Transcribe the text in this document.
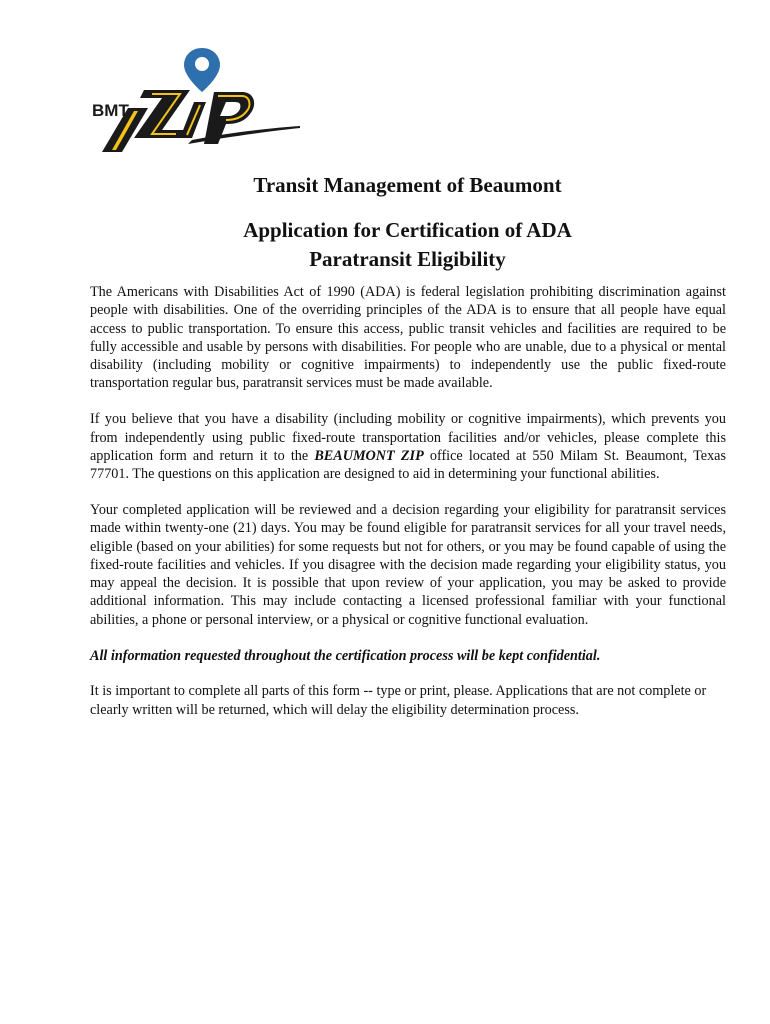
BMT
Transit Management of Beaumont
Application for Certification of ADA
Paratransit Eligibility

The Americans with Disabilities Act of 1990 (ADA) is federal legislation prohibiting discrimination against people with disabilities. One of the overriding principles of the ADA is to ensure that all people have equal access to public transportation. To ensure this access, public transit vehicles and facilities are required to be fully accessible and usable by persons with disabilities. For people who are unable, due to a physical or mental disability (including mobility or cognitive impairments) to independently use the public fixed-route transportation regular bus, paratransit services must be made available.

If you believe that you have a disability (including mobility or cognitive impairments), which prevents you from independently using public fixed-route transportation facilities and/or vehicles, please complete this application form and return it to the BEAUMONT ZIP office located at 550 Milam St. Beaumont, Texas 77701. The questions on this application are designed to aid in determining your functional abilities.

Your completed application will be reviewed and a decision regarding your eligibility for paratransit services made within twenty-one (21) days. You may be found eligible for paratransit services for all your travel needs, eligible (based on your abilities) for some requests but not for others, or you may be found capable of using the fixed-route facilities and vehicles. If you disagree with the decision made regarding your eligibility status, you may appeal the decision. It is possible that upon review of your application, you may be asked to provide additional information. This may include contacting a licensed professional familiar with your functional abilities, a phone or personal interview, or a physical or cognitive functional evaluation.

All information requested throughout the certification process will be kept confidential.

It is important to complete all parts of this form -- type or print, please. Applications that are not complete or clearly written will be returned, which will delay the eligibility determination process.
